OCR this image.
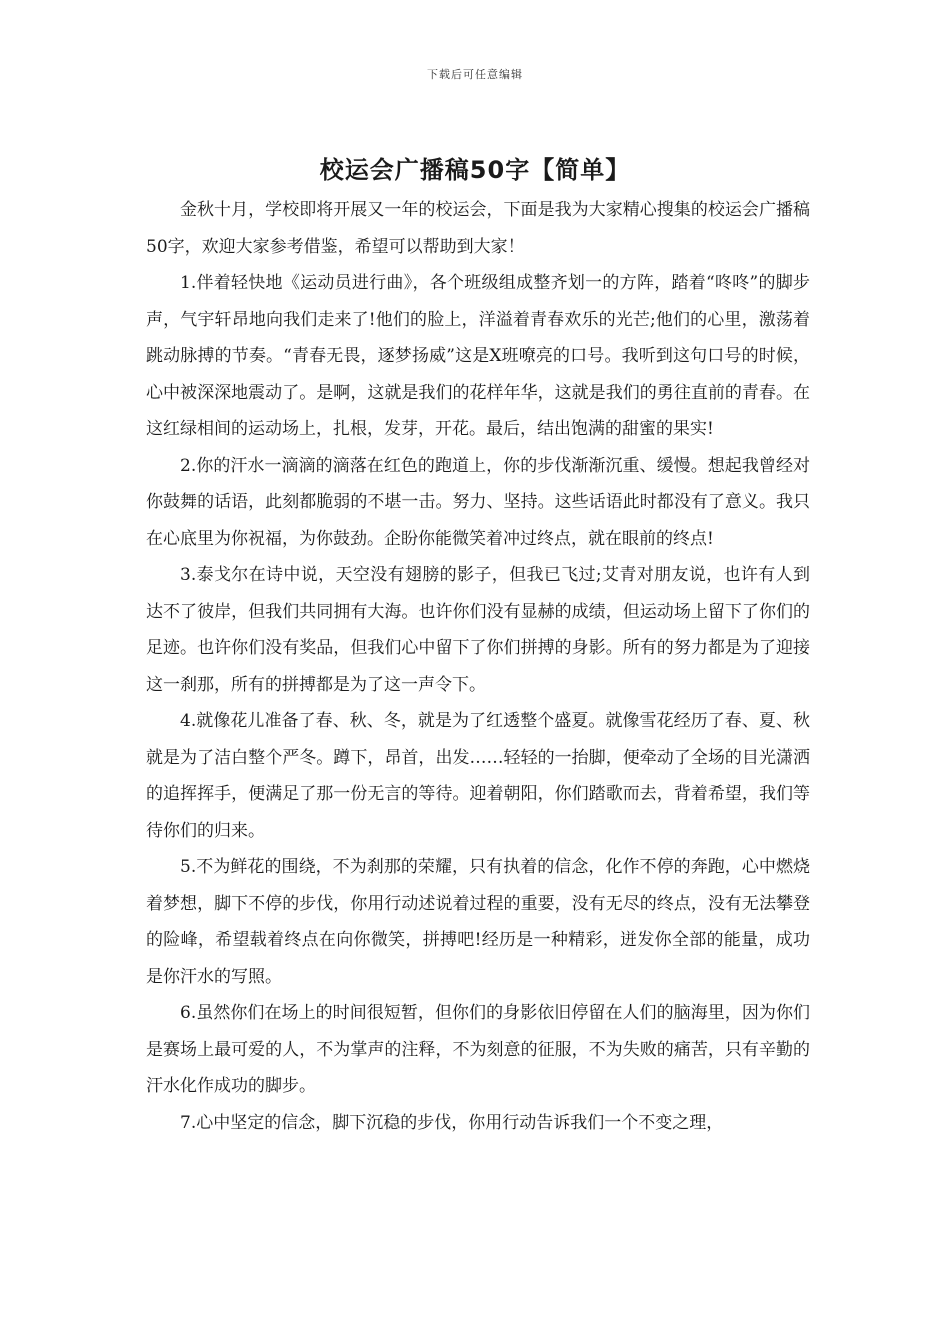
下载后可任意编辑
校运会广播稿50字【简单】

金秋十月，学校即将开展又一年的校运会，下面是我为大家精心搜集的校运会广播稿50字，欢迎大家参考借鉴，希望可以帮助到大家！

1.伴着轻快地《运动员进行曲》，各个班级组成整齐划一的方阵，踏着“咚咚”的脚步声，气宇轩昂地向我们走来了!他们的脸上，洋溢着青春欢乐的光芒;他们的心里，激荡着跳动脉搏的节奏。“青春无畏，逐梦扬威”这是X班嘹亮的口号。我听到这句口号的时候，心中被深深地震动了。是啊，这就是我们的花样年华，这就是我们的勇往直前的青春。在这红绿相间的运动场上，扎根，发芽，开花。最后，结出饱满的甜蜜的果实!

2.你的汗水一滴滴的滴落在红色的跑道上，你的步伐渐渐沉重、缓慢。想起我曾经对你鼓舞的话语，此刻都脆弱的不堪一击。努力、坚持。这些话语此时都没有了意义。我只在心底里为你祝福，为你鼓劲。企盼你能微笑着冲过终点，就在眼前的终点!

3.泰戈尔在诗中说，天空没有翅膀的影子，但我已飞过;艾青对朋友说，也许有人到达不了彼岸，但我们共同拥有大海。也许你们没有显赫的成绩，但运动场上留下了你们的足迹。也许你们没有奖品，但我们心中留下了你们拼搏的身影。所有的努力都是为了迎接这一刹那，所有的拼搏都是为了这一声令下。

4.就像花儿准备了春、秋、冬，就是为了红透整个盛夏。就像雪花经历了春、夏、秋就是为了洁白整个严冬。蹲下，昂首，出发……轻轻的一抬脚，便牵动了全场的目光潇洒的追挥挥手，便满足了那一份无言的等待。迎着朝阳，你们踏歌而去，背着希望，我们等待你们的归来。

5.不为鲜花的围绕，不为刹那的荣耀，只有执着的信念，化作不停的奔跑，心中燃烧着梦想，脚下不停的步伐，你用行动述说着过程的重要，没有无尽的终点，没有无法攀登的险峰，希望载着终点在向你微笑，拼搏吧!经历是一种精彩，迸发你全部的能量，成功是你汗水的写照。

6.虽然你们在场上的时间很短暂，但你们的身影依旧停留在人们的脑海里，因为你们是赛场上最可爱的人，不为掌声的注释，不为刻意的征服，不为失败的痛苦，只有辛勤的汗水化作成功的脚步。

7.心中坚定的信念，脚下沉稳的步伐，你用行动告诉我们一个不变之理，
